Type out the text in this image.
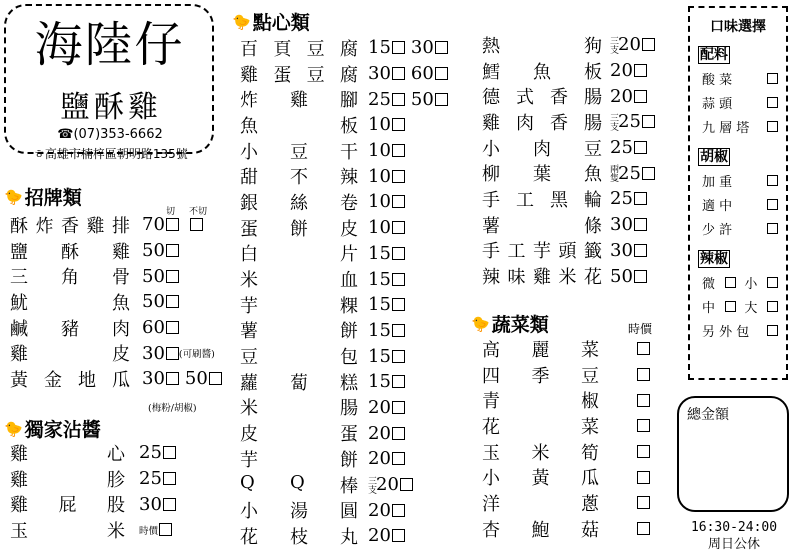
海陸仔
鹽酥雞
☎(07)353-6662
ㅎ高雄市楠梓區朝明路135號
🐤 招牌類
切 不切
酥 炸 香 雞 排 70
鹽 酥 雞 50
三 角 骨 50
魷	魚 50
鹹 豬 肉 60
雞	皮 30 (可刷醬)
黃 金 地 瓜 30 50
(梅粉/胡椒)
🐤 獨家沾醬
雞	心 25
雞	胗 25
雞 屁 股 30
玉	米 時價
🐤 點心類
百 頁 豆 腐 15 30
雞 蛋 豆 腐 30 60
炸 雞 腳 25 50
魚	板 10
小 豆 干 10
甜 不 辣 10
銀 絲 卷 10
蛋 餅 皮 10
白	片 15
米	血 15
芋	粿 15
薯	餅 15
豆	包 15
蘿 蔔 糕 15
米	腸 20
皮	蛋 20
芋	餅 20
Q Q 棒 三支 20
小 湯 圓 20
花 枝 丸 20
熱	狗 三支 20
鱈 魚 板 20
德 式 香 腸 20
雞 肉 香 腸 三支 25
小 肉 豆 25
柳 葉 魚 兩隻 25
手 工 黑 輪 25
薯	條 30
手 工 芋 頭 籤 30
辣 味 雞 米 花 50
🐤 蔬菜類	時價
高 麗 菜
四 季 豆
青	椒
花	菜
玉 米 筍
小 黃 瓜
洋	蔥
杏 鮑 菇
口味選擇
配料
酸 菜
蒜 頭
九 層 塔
胡椒
加 重
適 中
少 許
辣椒
微 小
中 大
另 外 包
總金額
16:30-24:00
周日公休
